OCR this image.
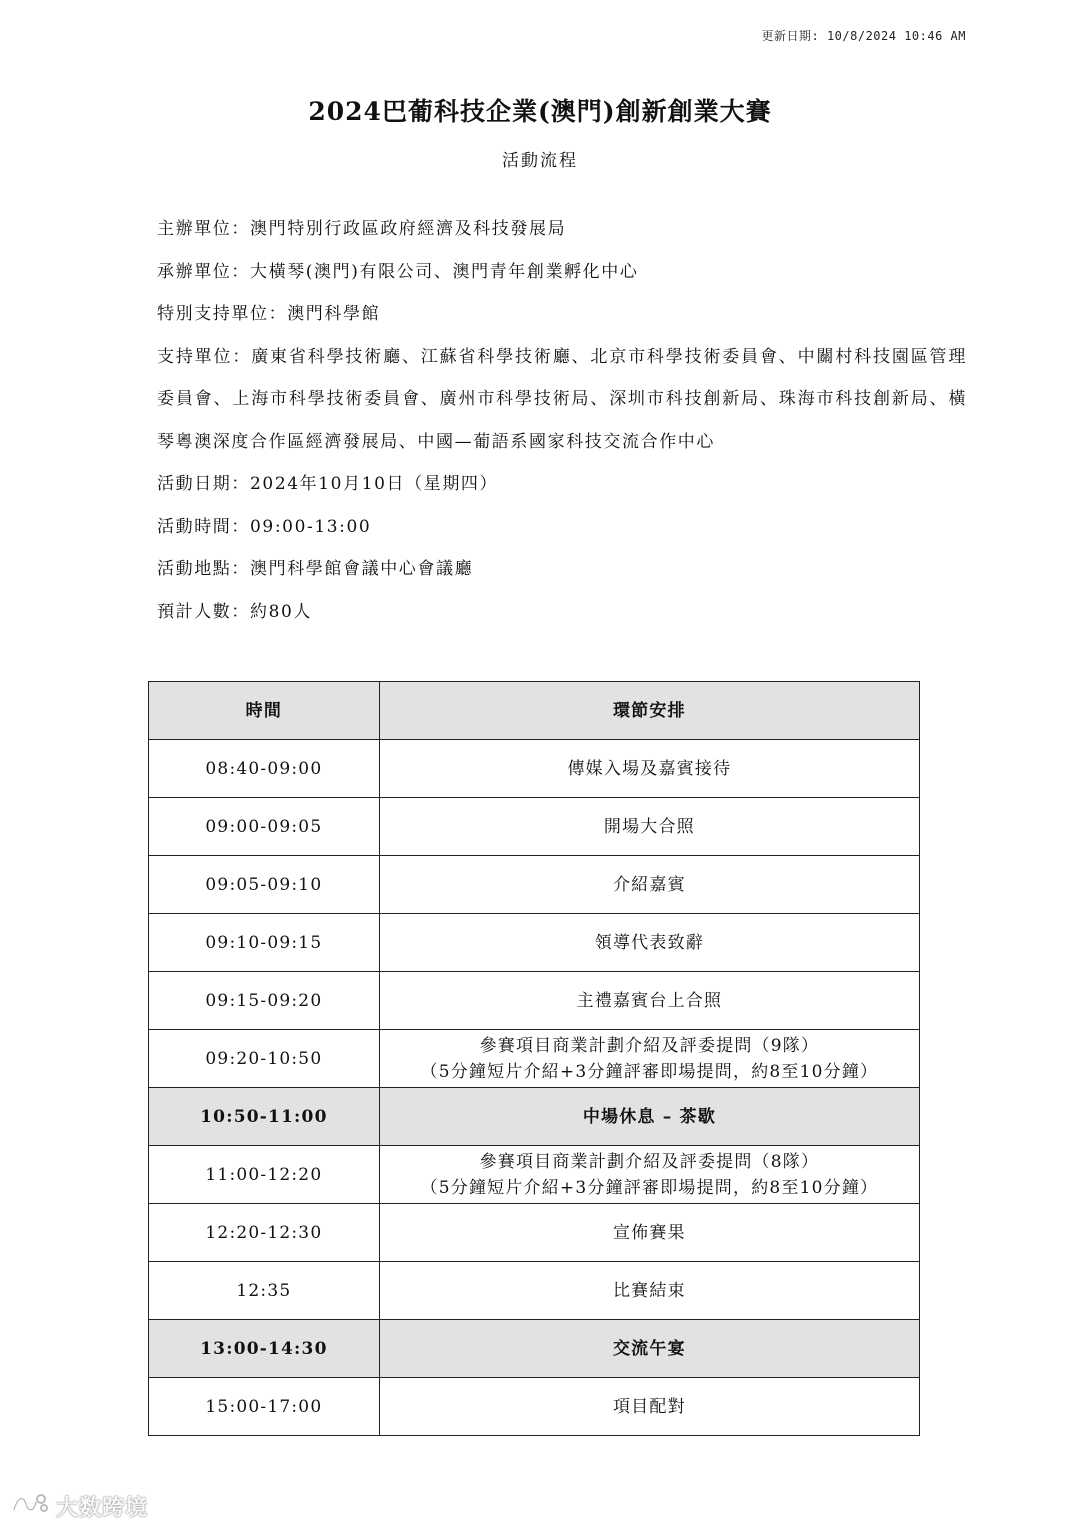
更新日期: 10/8/2024 10:46 AM
2024巴葡科技企業(澳門)創新創業大賽
活動流程

主辦單位：澳門特別行政區政府經濟及科技發展局

承辦單位：大橫琴(澳門)有限公司、澳門青年創業孵化中心

特別支持單位：澳門科學館

支持單位：廣東省科學技術廳、江蘇省科學技術廳、北京市科學技術委員會、中關村科技園區管理委員會、上海市科學技術委員會、廣州市科學技術局、深圳市科技創新局、珠海市科技創新局、橫琴粵澳深度合作區經濟發展局、中國—葡語系國家科技交流合作中心

活動日期：2024年10月10日（星期四）

活動時間：09:00-13:00

活動地點：澳門科學館會議中心會議廳

預計人數：約80人

時間	環節安排
08:40-09:00	傳媒入場及嘉賓接待
09:00-09:05	開場大合照
09:05-09:10	介紹嘉賓
09:10-09:15	領導代表致辭
09:15-09:20	主禮嘉賓台上合照
09:20-10:50	參賽項目商業計劃介紹及評委提問（9隊）
（5分鐘短片介紹+3分鐘評審即場提問，約8至10分鐘）

10:50-11:00	中場休息 – 茶歇
11:00-12:20	參賽項目商業計劃介紹及評委提問（8隊）
（5分鐘短片介紹+3分鐘評審即場提問，約8至10分鐘）

12:20-12:30	宣佈賽果
12:35	比賽結束
13:00-14:30	交流午宴
15:00-17:00	項目配對
大数跨境
